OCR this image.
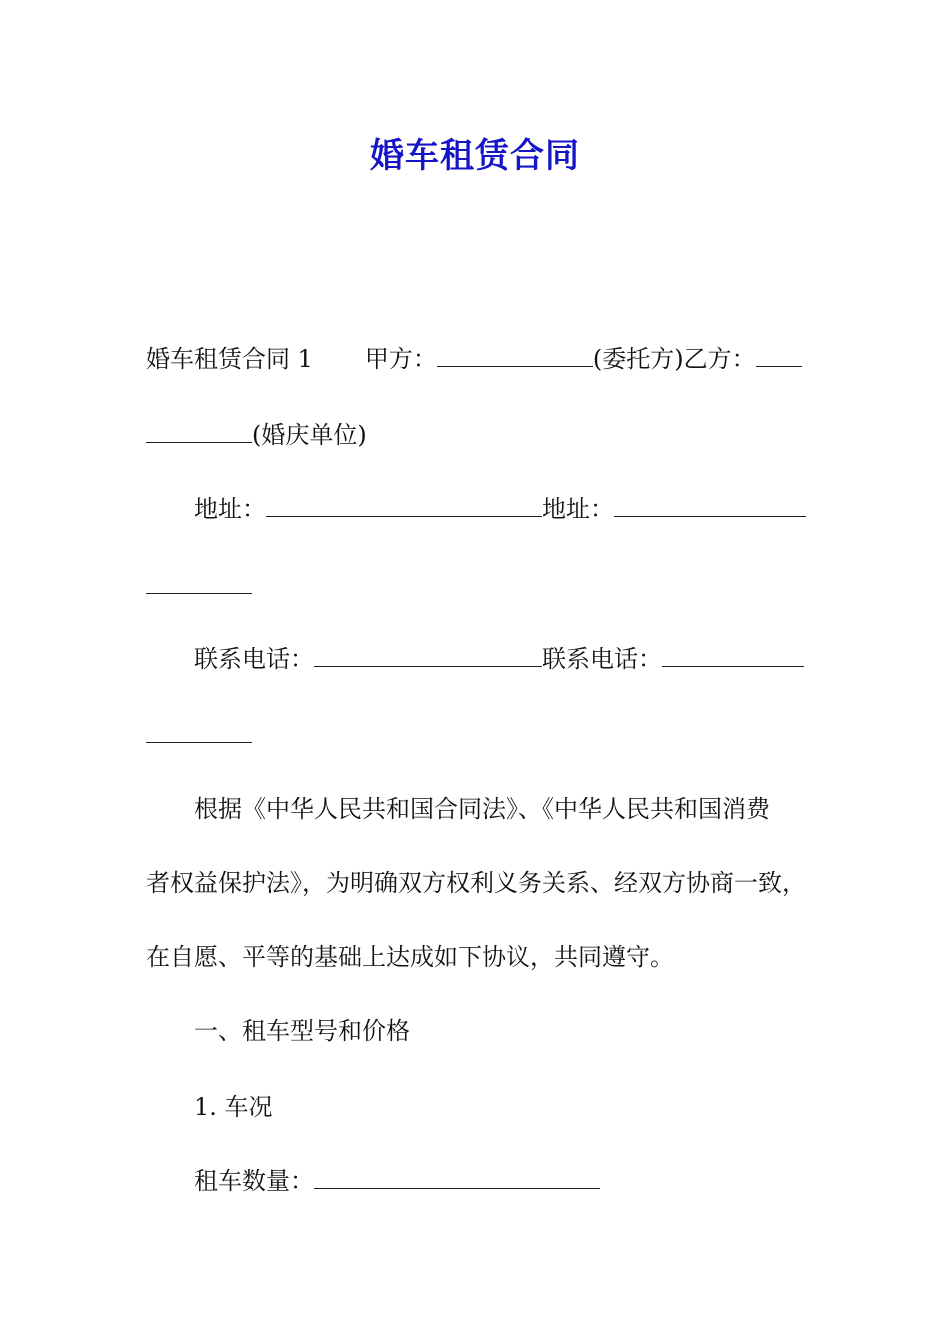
婚车租赁合同
婚车租赁合同 1 甲方：	(委托方)乙方：
(婚庆单位)
地址：	地址：
联系电话：	联系电话：
根据《中华人民共和国合同法》、《中华人民共和国消费
者权益保护法》，为明确双方权利义务关系、经双方协商一致，
在自愿、平等的基础上达成如下协议，共同遵守。
一、租车型号和价格
1. 车况
租车数量：
